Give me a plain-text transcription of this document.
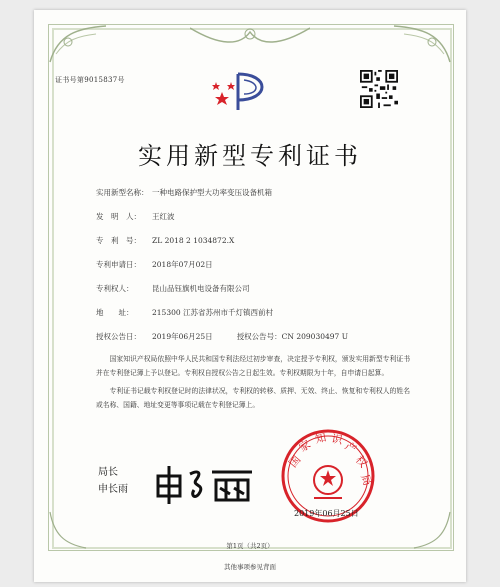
证书号第9015837号
实用新型专利证书
实用新型名称： 一种电路保护型大功率变压设备机箱
发　明　人： 王红波
专　利　号： ZL 2018 2 1034872.X
专利申请日： 2018年07月02日
专利权人： 昆山品钰旗机电设备有限公司
地　　址： 215300 江苏省苏州市千灯镇西前村
授权公告日： 2019年06月25日	授权公告号：CN 209030497 U
国家知识产权局依照中华人民共和国专利法经过初步审查，决定授予专利权，颁发实用新型专利证书并在专利登记簿上予以登记。专利权自授权公告之日起生效。专利权期限为十年，自申请日起算。
专利证书记载专利权登记时的法律状况，专利权的转移、质押、无效、终止、恢复和专利权人的姓名或名称、国籍、地址变更等事项记载在专利登记簿上。
局长
申长雨
国
家 知 识
产
权
局
2019年06月25日
第1页（共2页）
其他事项参见背面
